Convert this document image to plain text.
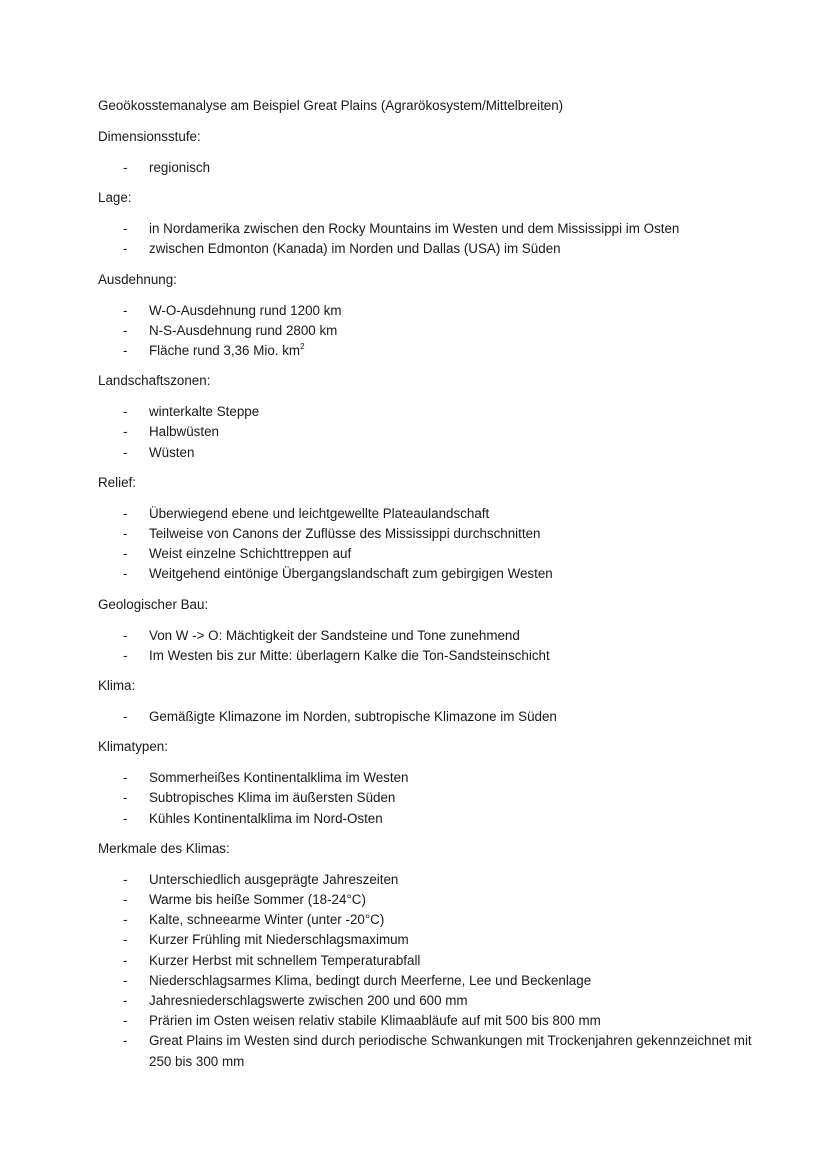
Geoökosstemanalyse am Beispiel Great Plains (Agrarökosystem/Mittelbreiten)

Dimensionsstufe:

- regionisch

Lage:

- in Nordamerika zwischen den Rocky Mountains im Westen und dem Mississippi im Osten
- zwischen Edmonton (Kanada) im Norden und Dallas (USA) im Süden

Ausdehnung:

- W-O-Ausdehnung rund 1200 km
- N-S-Ausdehnung rund 2800 km
- Fläche rund 3,36 Mio. $km^2$

Landschaftszonen:

- winterkalte Steppe
- Halbwüsten
- Wüsten

Relief:

- Überwiegend ebene und leichtgewellte Plateaulandschaft
- Teilweise von Canons der Zuflüsse des Mississippi durchschnitten
- Weist einzelne Schichttreppen auf
- Weitgehend eintönige Übergangslandschaft zum gebirgigen Westen

Geologischer Bau:

- Von W -> O: Mächtigkeit der Sandsteine und Tone zunehmend
- Im Westen bis zur Mitte: überlagern Kalke die Ton-Sandsteinschicht

Klima:

- Gemäßigte Klimazone im Norden, subtropische Klimazone im Süden

Klimatypen:

- Sommerheißes Kontinentalklima im Westen
- Subtropisches Klima im äußersten Süden
- Kühles Kontinentalklima im Nord-Osten

Merkmale des Klimas:

- Unterschiedlich ausgeprägte Jahreszeiten
- Warme bis heiße Sommer (18-24°C)
- Kalte, schneearme Winter (unter -20°C)
- Kurzer Frühling mit Niederschlagsmaximum
- Kurzer Herbst mit schnellem Temperaturabfall
- Niederschlagsarmes Klima, bedingt durch Meerferne, Lee und Beckenlage
- Jahresniederschlagswerte zwischen 200 und 600 mm
- Prärien im Osten weisen relativ stabile Klimaabläufe auf mit 500 bis 800 mm
- Great Plains im Westen sind durch periodische Schwankungen mit Trockenjahren gekennzeichnet mit 250 bis 300 mm
